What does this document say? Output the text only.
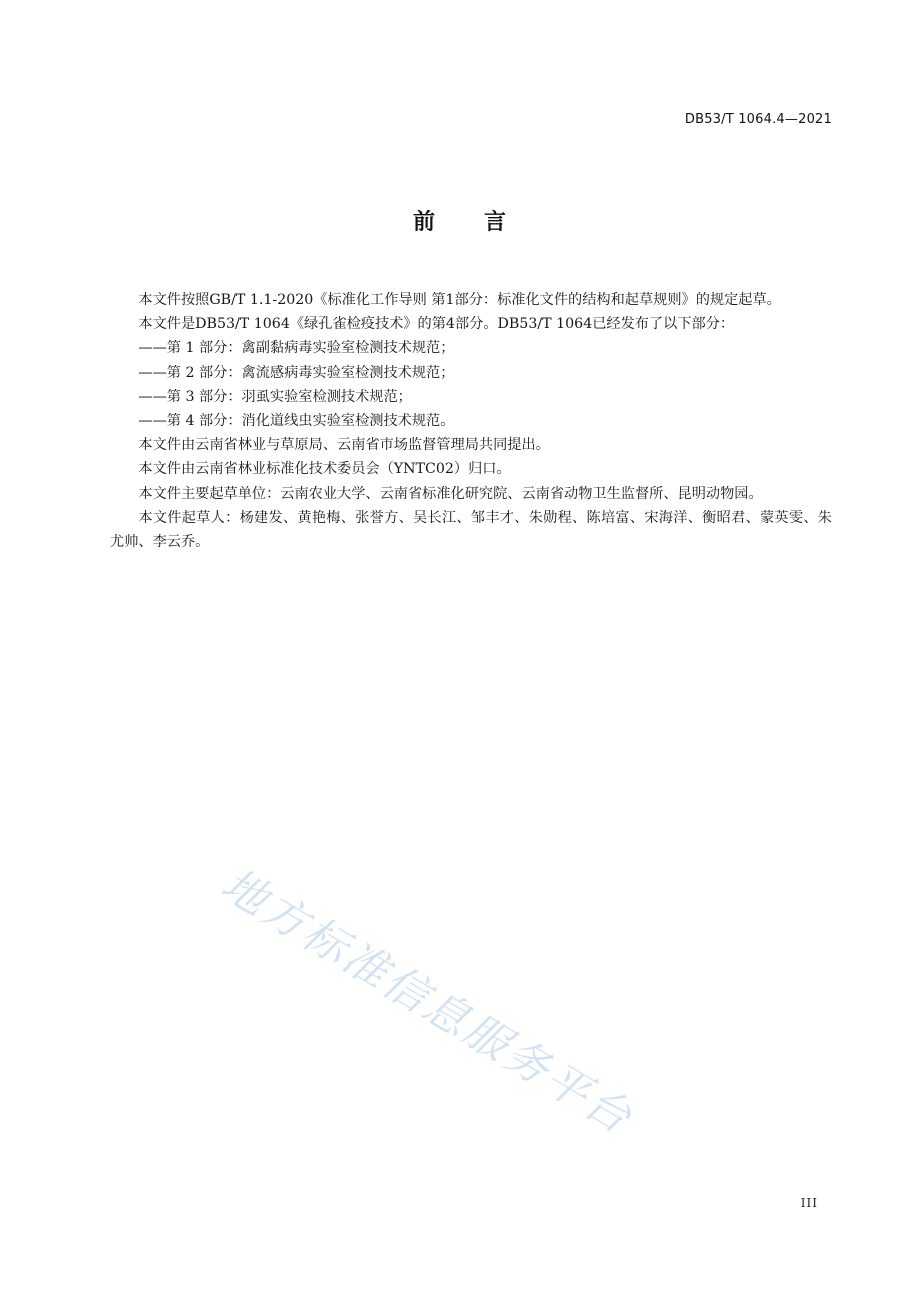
DB53/T 1064.4—2021
前 言

本文件按照GB/T 1.1-2020《标准化工作导则 第1部分：标准化文件的结构和起草规则》的规定起草。

本文件是DB53/T 1064《绿孔雀检疫技术》的第4部分。DB53/T 1064已经发布了以下部分：

——第 1 部分：禽副黏病毒实验室检测技术规范；

——第 2 部分：禽流感病毒实验室检测技术规范；

——第 3 部分：羽虱实验室检测技术规范；

——第 4 部分：消化道线虫实验室检测技术规范。

本文件由云南省林业与草原局、云南省市场监督管理局共同提出。

本文件由云南省林业标准化技术委员会（YNTC02）归口。

本文件主要起草单位：云南农业大学、云南省标准化研究院、云南省动物卫生监督所、昆明动物园。

本文件起草人：杨建发、黄艳梅、张誉方、吴长江、邹丰才、朱勋程、陈培富、宋海洋、衡昭君、蒙英雯、朱尤帅、李云乔。

地方标准信息服务平台
III
